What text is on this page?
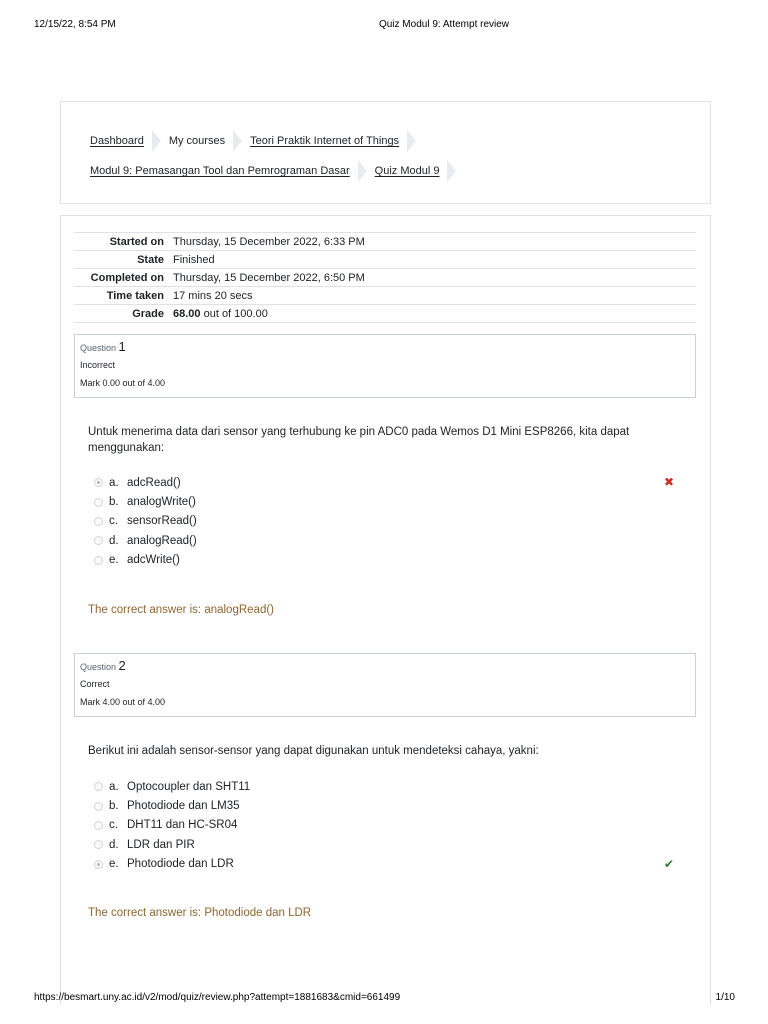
12/15/22, 8:54 PM	Quiz Modul 9: Attempt review
Dashboard My courses Teori Praktik Internet of Things
Modul 9: Pemasangan Tool dan Pemrograman Dasar Quiz Modul 9
Started on	Thursday, 15 December 2022, 6:33 PM
State	Finished
Completed on	Thursday, 15 December 2022, 6:50 PM
Time taken	17 mins 20 secs
Grade	68.00 out of 100.00
Question 1
Incorrect
Mark 0.00 out of 4.00
Untuk menerima data dari sensor yang terhubung ke pin ADC0 pada Wemos D1 Mini ESP8266, kita dapat menggunakan:
a. adcRead()	✖
b. analogWrite()
c. sensorRead()
d. analogRead()
e. adcWrite()
The correct answer is: analogRead()
Question 2
Correct
Mark 4.00 out of 4.00
Berikut ini adalah sensor-sensor yang dapat digunakan untuk mendeteksi cahaya, yakni:
a. Optocoupler dan SHT11
b. Photodiode dan LM35
c. DHT11 dan HC-SR04
d. LDR dan PIR
e. Photodiode dan LDR	✔
The correct answer is: Photodiode dan LDR
https://besmart.uny.ac.id/v2/mod/quiz/review.php?attempt=1881683&cmid=661499	1/10
